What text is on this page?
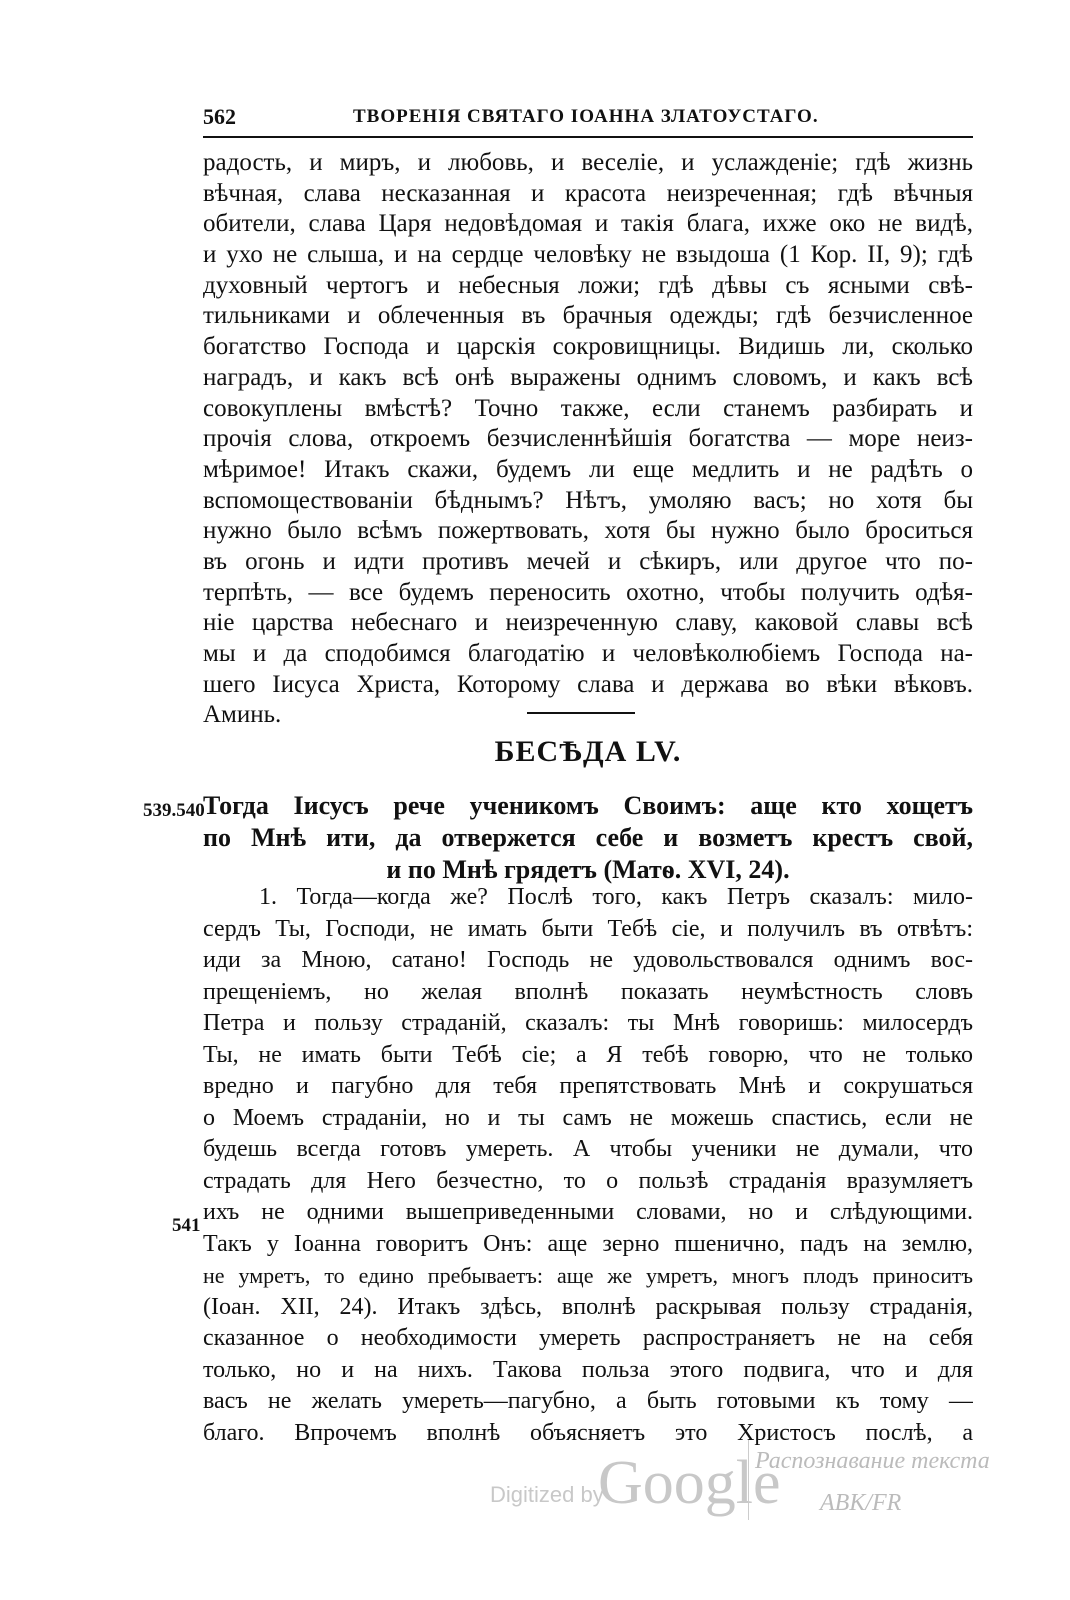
562	ТВОРЕНІЯ СВЯТАГО ІОАННА ЗЛАТОУСТАГО.
радость, и миръ, и любовь, и веселіе, и услажденіе; гдѣ жизнь
вѣчная, слава несказанная и красота неизреченная; гдѣ вѣчныя
обители, слава Царя недовѣдомая и такія блага, ихже око не видѣ,
и ухо не слыша, и на сердце человѣку не взыдоша (1 Кор. II, 9); гдѣ
духовный чертогъ и небесныя ложи; гдѣ дѣвы съ ясными свѣ-
тильниками и облеченныя въ брачныя одежды; гдѣ безчисленное
богатство Господа и царскія сокровищницы. Видишь ли, сколько
наградъ, и какъ всѣ онѣ выражены однимъ словомъ, и какъ всѣ
совокуплены вмѣстѣ? Точно также, если станемъ разбирать и
прочія слова, откроемъ безчисленнѣйшія богатства — море неиз-
мѣримое! Итакъ скажи, будемъ ли еще медлить и не радѣть о
вспомоществованіи бѣднымъ? Нѣтъ, умоляю васъ; но хотя бы
нужно было всѣмъ пожертвовать, хотя бы нужно было броситься
въ огонь и идти противъ мечей и сѣкиръ, или другое что по-
терпѣть, — все будемъ переносить охотно, чтобы получить одѣя-
ніе царства небеснаго и неизреченную славу, каковой славы всѣ
мы и да сподобимся благодатію и человѣколюбіемъ Господа на-
шего Іисуса Христа, Которому слава и держава во вѣки вѣковъ.
Аминь.
БЕСѢДА LV.
539.540
Тогда Іисусъ рече ученикомъ Своимъ: аще кто хощетъ
по Мнѣ ити, да отвержется себе и возметъ крестъ свой,
и по Мнѣ грядетъ (Матѳ. XVI, 24).
1. Тогда—когда же? Послѣ того, какъ Петръ сказалъ: мило-
сердъ Ты, Господи, не имать быти Тебѣ сіе, и получилъ въ отвѣтъ:
иди за Мною, сатано! Господь не удовольствовался однимъ вос-
прещеніемъ, но желая вполнѣ показать неумѣстность словъ
Петра и пользу страданій, сказалъ: ты Мнѣ говоришь: милосердъ
Ты, не имать быти Тебѣ сіе; а Я тебѣ говорю, что не только
вредно и пагубно для тебя препятствовать Мнѣ и сокрушаться
о Моемъ страданіи, но и ты самъ не можешь спастись, если не
будешь всегда готовъ умереть. А чтобы ученики не думали, что
страдать для Него безчестно, то о пользѣ страданія вразумляетъ
ихъ не одними вышеприведенными словами, но и слѣдующими.
Такъ у Іоанна говоритъ Онъ: аще зерно пшенично, падъ на землю,
не умретъ, то едино пребываетъ: аще же умретъ, многъ плодъ приноситъ
(Іоан. XII, 24). Итакъ здѣсь, вполнѣ раскрывая пользу страданія,
сказанное о необходимости умереть распространяетъ не на себя
только, но и на нихъ. Такова польза этого подвига, что и для
васъ не желать умереть—пагубно, а быть готовыми къ тому —
благо. Впрочемъ вполнѣ объясняетъ это Христосъ послѣ, а
541
Digitized by
Google
Распознавание текста
ABK/FR
